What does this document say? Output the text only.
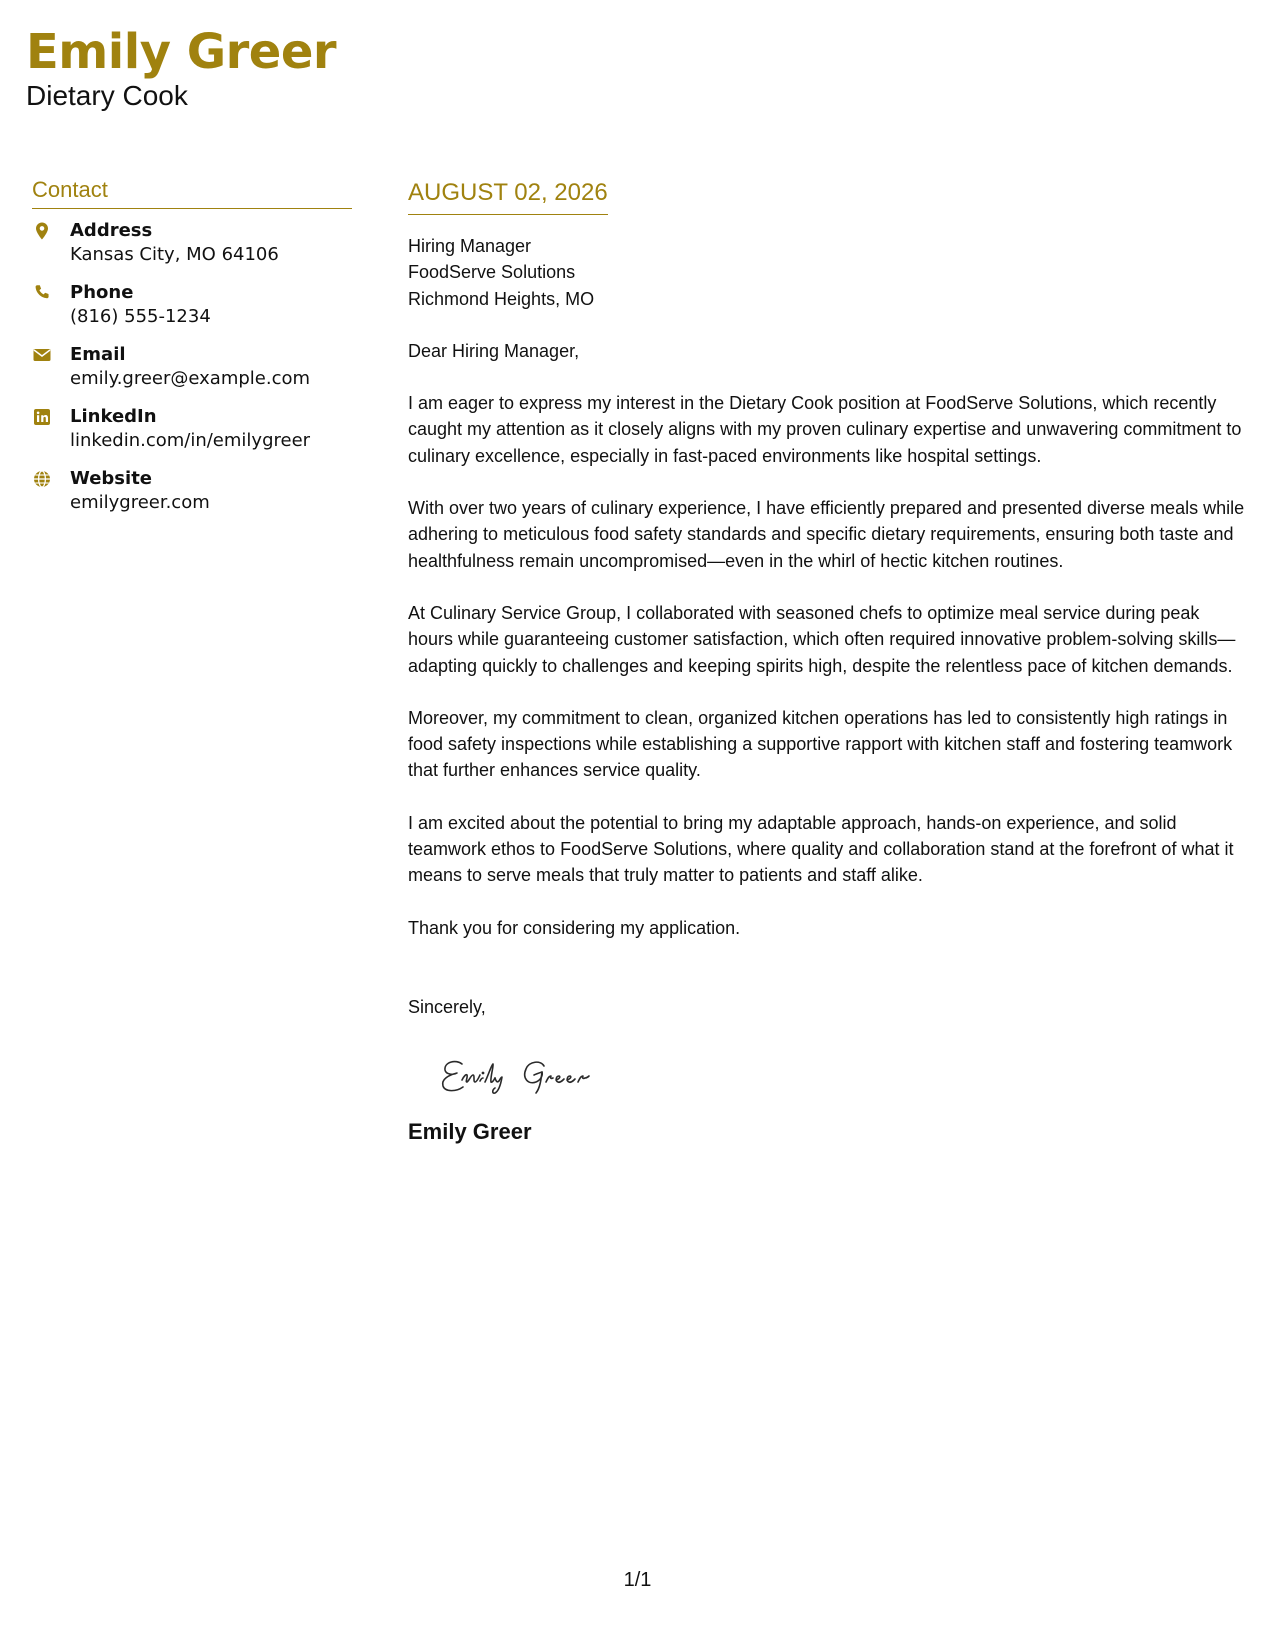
Emily Greer
Dietary Cook
Contact
Address
Kansas City, MO 64106
Phone
(816) 555-1234
Email
emily.greer@example.com
LinkedIn
linkedin.com/in/emilygreer
Website
emilygreer.com
AUGUST 02, 2026
Hiring Manager
FoodServe Solutions
Richmond Heights, MO
Dear Hiring Manager,
I am eager to express my interest in the Dietary Cook position at FoodServe Solutions, which recently caught my attention as it closely aligns with my proven culinary expertise and unwavering commitment to culinary excellence, especially in fast-paced environments like hospital settings.
With over two years of culinary experience, I have efficiently prepared and presented diverse meals while adhering to meticulous food safety standards and specific dietary requirements, ensuring both taste and healthfulness remain uncompromised—even in the whirl of hectic kitchen routines.
At Culinary Service Group, I collaborated with seasoned chefs to optimize meal service during peak hours while guaranteeing customer satisfaction, which often required innovative problem-solving skills—adapting quickly to challenges and keeping spirits high, despite the relentless pace of kitchen demands.
Moreover, my commitment to clean, organized kitchen operations has led to consistently high ratings in food safety inspections while establishing a supportive rapport with kitchen staff and fostering teamwork that further enhances service quality.
I am excited about the potential to bring my adaptable approach, hands-on experience, and solid teamwork ethos to FoodServe Solutions, where quality and collaboration stand at the forefront of what it means to serve meals that truly matter to patients and staff alike.
Thank you for considering my application.
Sincerely,
Emily Greer
1/1
